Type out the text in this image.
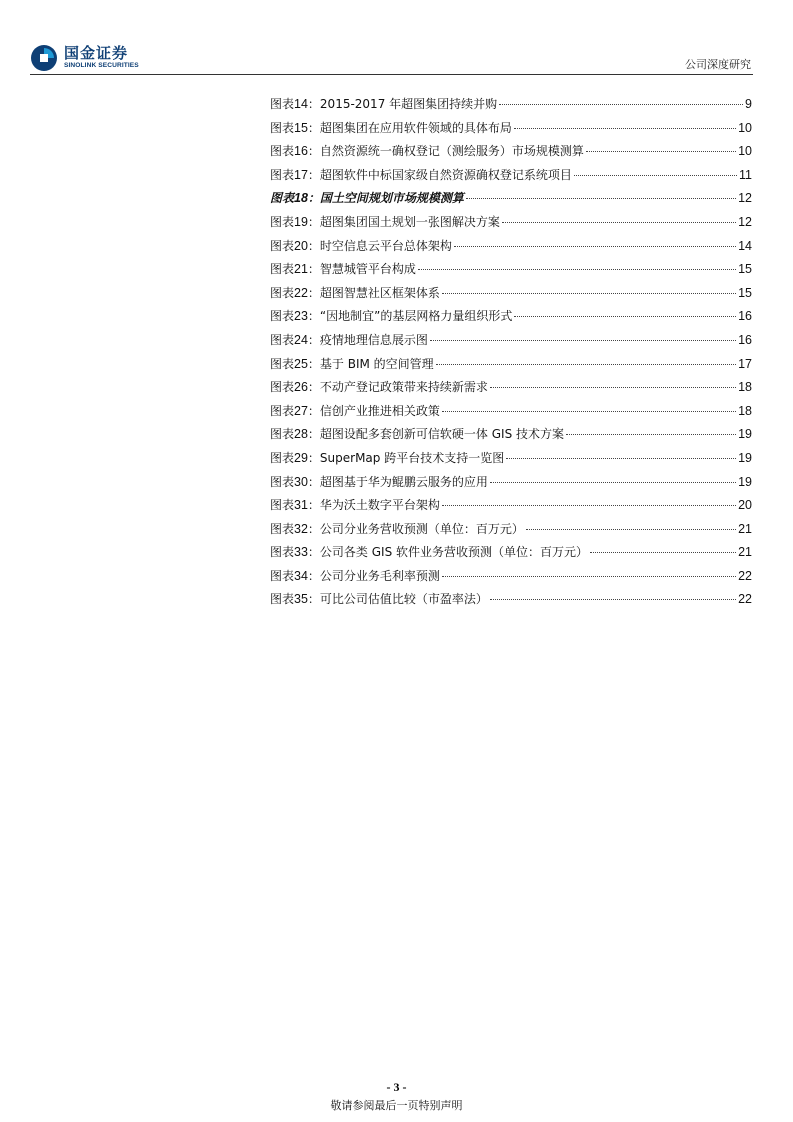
国金证券
SINOLINK SECURITIES	公司深度研究
图表 14 ：2015-2017 年超图集团持续并购	9
图表 15 ：超图集团在应用软件领域的具体布局	10
图表 16 ：自然资源统一确权登记（测绘服务）市场规模测算	10
图表 17 ：超图软件中标国家级自然资源确权登记系统项目	11
图表 18 ：国土空间规划市场规模测算	12
图表 19 ：超图集团国土规划一张图解决方案	12
图表 20 ：时空信息云平台总体架构	14
图表 21 ：智慧城管平台构成	15
图表 22 ：超图智慧社区框架体系	15
图表 23 ：“因地制宜”的基层网格力量组织形式	16
图表 24 ：疫情地理信息展示图	16
图表 25 ：基于 BIM 的空间管理	17
图表 26 ：不动产登记政策带来持续新需求	18
图表 27 ：信创产业推进相关政策	18
图表 28 ：超图设配多套创新可信软硬一体 GIS 技术方案	19
图表 29 ：SuperMap 跨平台技术支持一览图	19
图表 30 ：超图基于华为鲲鹏云服务的应用	19
图表 31 ：华为沃土数字平台架构	20
图表 32 ：公司分业务营收预测（单位：百万元）	21
图表 33 ：公司各类 GIS 软件业务营收预测（单位：百万元）	21
图表 34 ：公司分业务毛利率预测	22
图表 35 ：可比公司估值比较（市盈率法）	22
- 3 -
敬请参阅最后一页特别声明
